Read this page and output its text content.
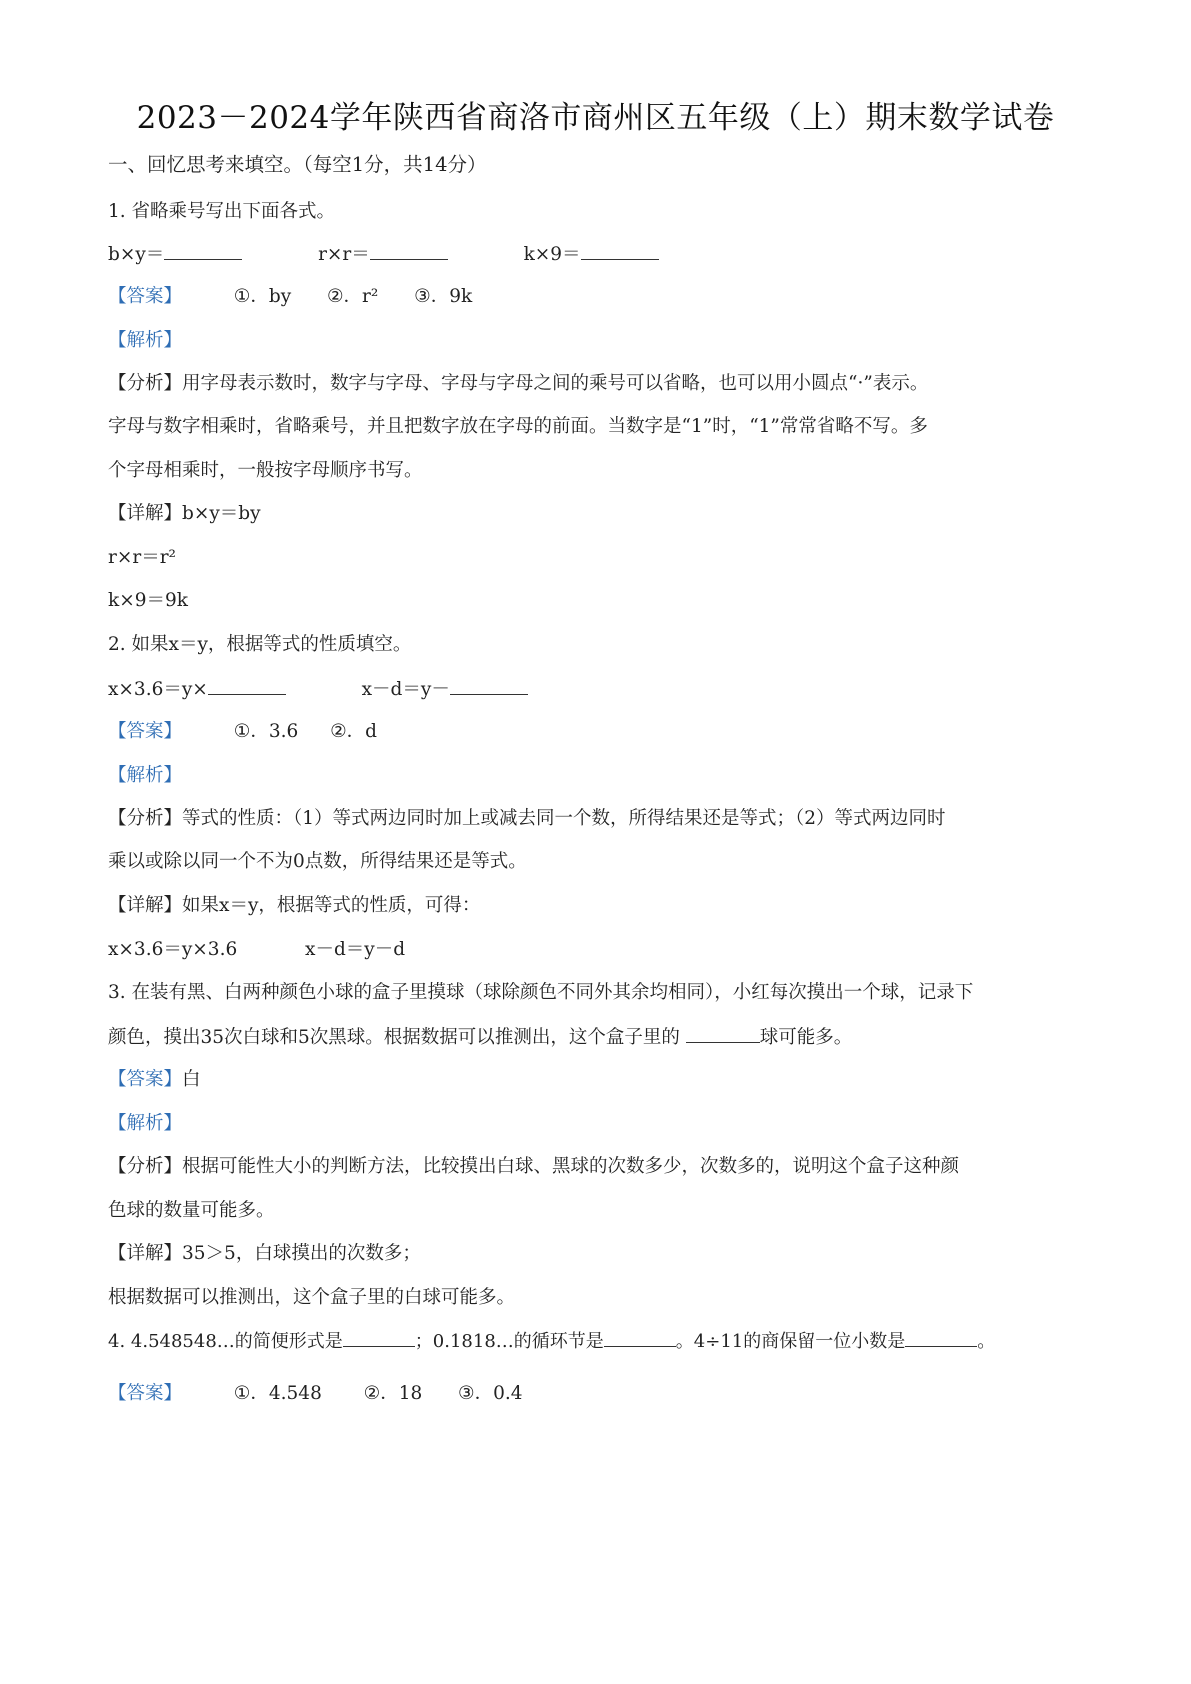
2023－2024学年陕西省商洛市商州区五年级（上）期末数学试卷
一、回忆思考来填空。（每空1分，共14分）
1. 省略乘号写出下面各式。
b×y＝	r×r＝	k×9＝
【答案】	①．by ②．r² ③．9k
【解析】
【分析】用字母表示数时，数字与字母、字母与字母之间的乘号可以省略，也可以用小圆点“·”表示。
字母与数字相乘时，省略乘号，并且把数字放在字母的前面。当数字是“1”时，“1”常常省略不写。多
个字母相乘时，一般按字母顺序书写。
【详解】b×y＝by
r×r＝r²
k×9＝9k
2. 如果x＝y，根据等式的性质填空。
x×3.6＝y×	x－d＝y－
【答案】	①．3.6 ②．d
【解析】
【分析】等式的性质：（1）等式两边同时加上或减去同一个数，所得结果还是等式；（2）等式两边同时
乘以或除以同一个不为0点数，所得结果还是等式。
【详解】如果x＝y，根据等式的性质，可得：
x×3.6＝y×3.6	x－d＝y－d
3. 在装有黑、白两种颜色小球的盒子里摸球（球除颜色不同外其余均相同），小红每次摸出一个球，记录下
颜色，摸出35次白球和5次黑球。根据数据可以推测出，这个盒子里的	球可能多。
【答案】白
【解析】
【分析】根据可能性大小的判断方法，比较摸出白球、黑球的次数多少，次数多的，说明这个盒子这种颜
色球的数量可能多。
【详解】35＞5，白球摸出的次数多；
根据数据可以推测出，这个盒子里的白球可能多。
4. 4.548548…的简便形式是	；0.1818…的循环节是	。4÷11的商保留一位小数是	。
【答案】	①．4.548 ②．18 ③．0.4
